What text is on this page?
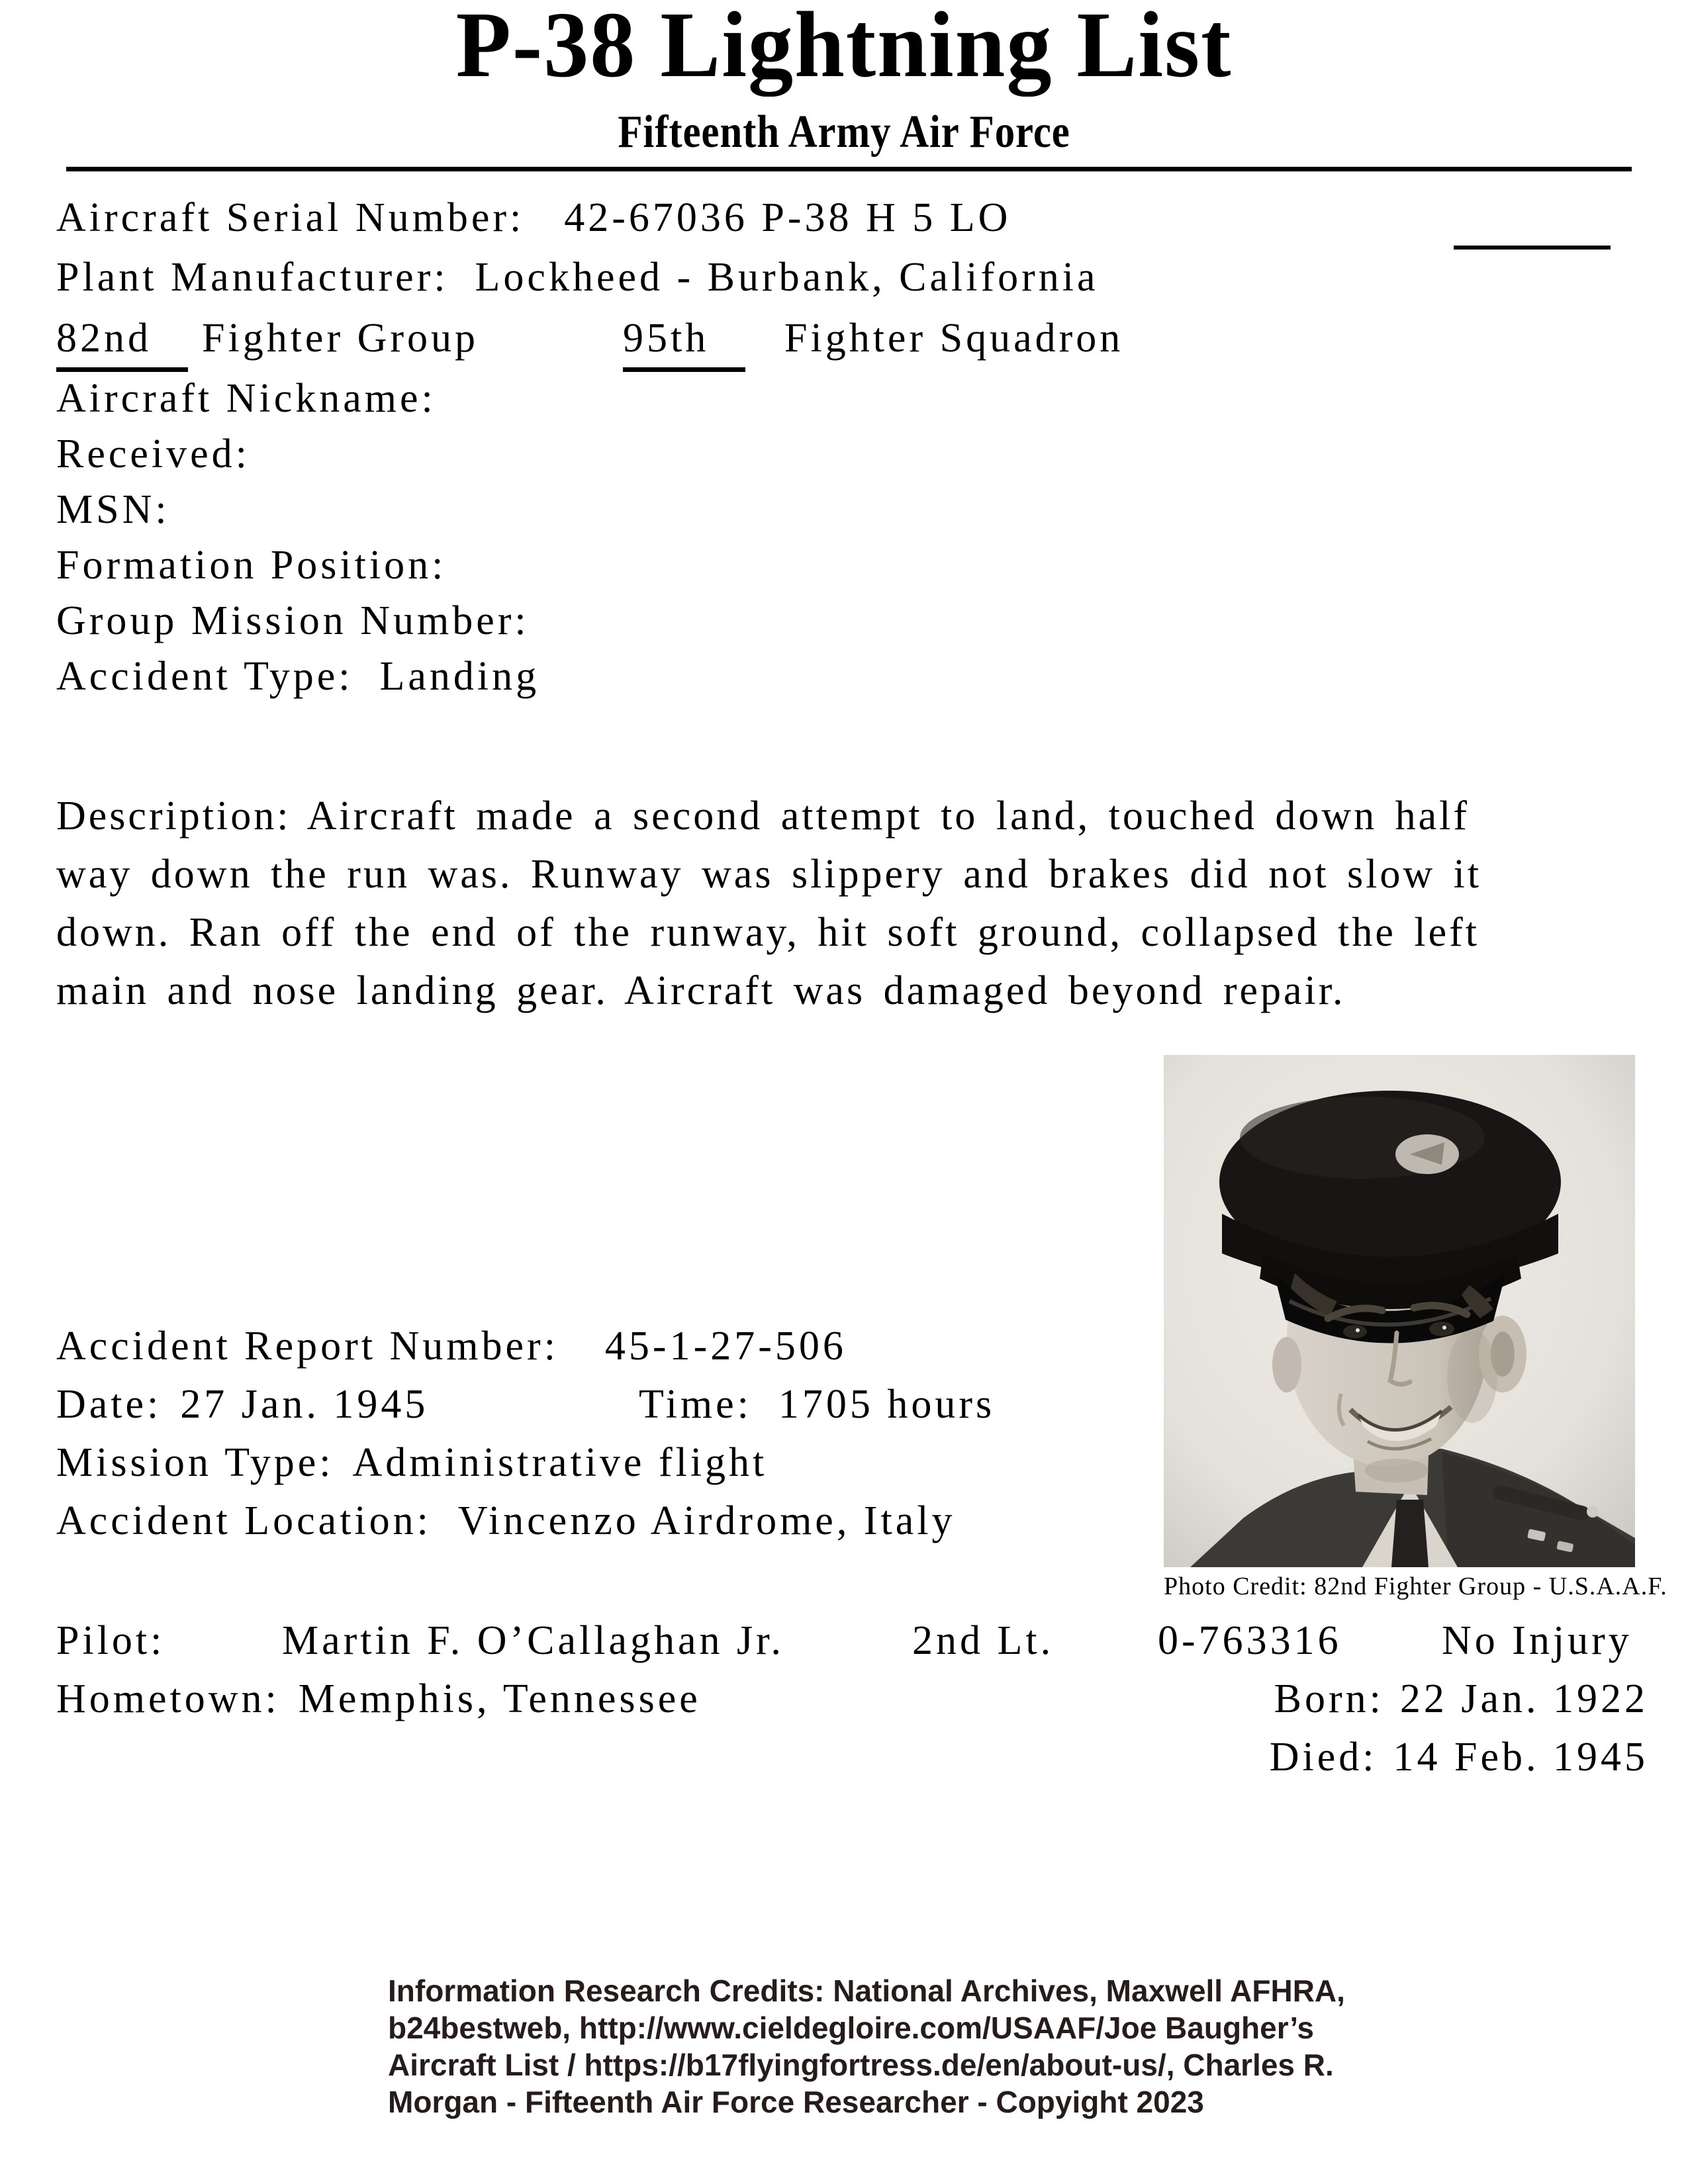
P-38 Lightning List
Fifteenth Army Air Force
Aircraft Serial Number: 42-67036 P-38 H 5 LO
Plant Manufacturer: Lockheed - Burbank, California
82nd	Fighter Group	95th	Fighter Squadron
Aircraft Nickname:
Received:
MSN:
Formation Position:
Group Mission Number:
Accident Type: Landing
Description: Aircraft made a second attempt to land, touched down half
way down the run was. Runway was slippery and brakes did not slow it
down. Ran off the end of the runway, hit soft ground, collapsed the left
main and nose landing gear. Aircraft was damaged beyond repair.
Photo Credit: 82nd Fighter Group - U.S.A.A.F.
Accident Report Number: 45-1-27-506
Date: 27 Jan. 1945	Time: 1705 hours
Mission Type: Administrative flight
Accident Location: Vincenzo Airdrome, Italy
Pilot:	Martin F. O’Callaghan Jr.	2nd Lt.	0-763316 No Injury
Hometown: Memphis, Tennessee	Born: 22 Jan. 1922
Died: 14 Feb. 1945
Information Research Credits: National Archives, Maxwell AFHRA,
b24bestweb, http://www.cieldegloire.com/USAAF/Joe Baugher’s
Aircraft List / https://b17flyingfortress.de/en/about-us/, Charles R.
Morgan - Fifteenth Air Force Researcher - Copyight 2023
